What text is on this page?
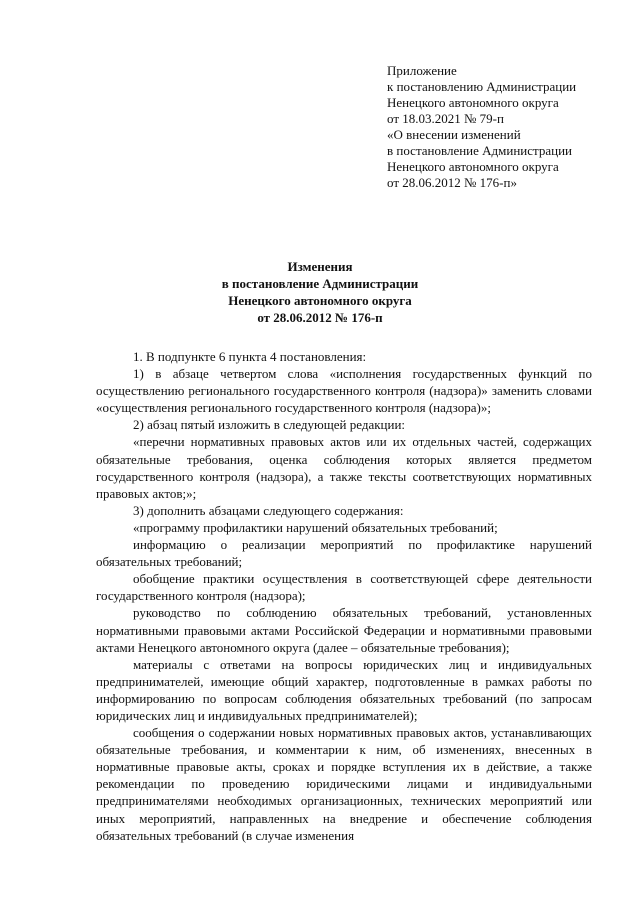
Приложение
к постановлению Администрации
Ненецкого автономного округа
от 18.03.2021 № 79-п
«О внесении изменений
в постановление Администрации
Ненецкого автономного округа
от 28.06.2012 № 176-п»
Изменения
в постановление Администрации
Ненецкого автономного округа
от 28.06.2012 № 176-п

1. В подпункте 6 пункта 4 постановления:

1) в абзаце четвертом слова «исполнения государственных функций по осуществлению регионального государственного контроля (надзора)» заменить словами «осуществления регионального государственного контроля (надзора)»;

2) абзац пятый изложить в следующей редакции:

«перечни нормативных правовых актов или их отдельных частей, содержащих обязательные требования, оценка соблюдения которых является предметом государственного контроля (надзора), а также тексты соответствующих нормативных правовых актов;»;

3) дополнить абзацами следующего содержания:

«программу профилактики нарушений обязательных требований;

информацию о реализации мероприятий по профилактике нарушений обязательных требований;

обобщение практики осуществления в соответствующей сфере деятельности государственного контроля (надзора);

руководство по соблюдению обязательных требований, установленных нормативными правовыми актами Российской Федерации и нормативными правовыми актами Ненецкого автономного округа (далее – обязательные требования);

материалы с ответами на вопросы юридических лиц и индивидуальных предпринимателей, имеющие общий характер, подготовленные в рамках работы по информированию по вопросам соблюдения обязательных требований (по запросам юридических лиц и индивидуальных предпринимателей);

сообщения о содержании новых нормативных правовых актов, устанавливающих обязательные требования, и комментарии к ним, об изменениях, внесенных в нормативные правовые акты, сроках и порядке вступления их в действие, а также рекомендации по проведению юридическими лицами и индивидуальными предпринимателями необходимых организационных, технических мероприятий или иных мероприятий, направленных на внедрение и обеспечение соблюдения обязательных требований (в случае изменения
